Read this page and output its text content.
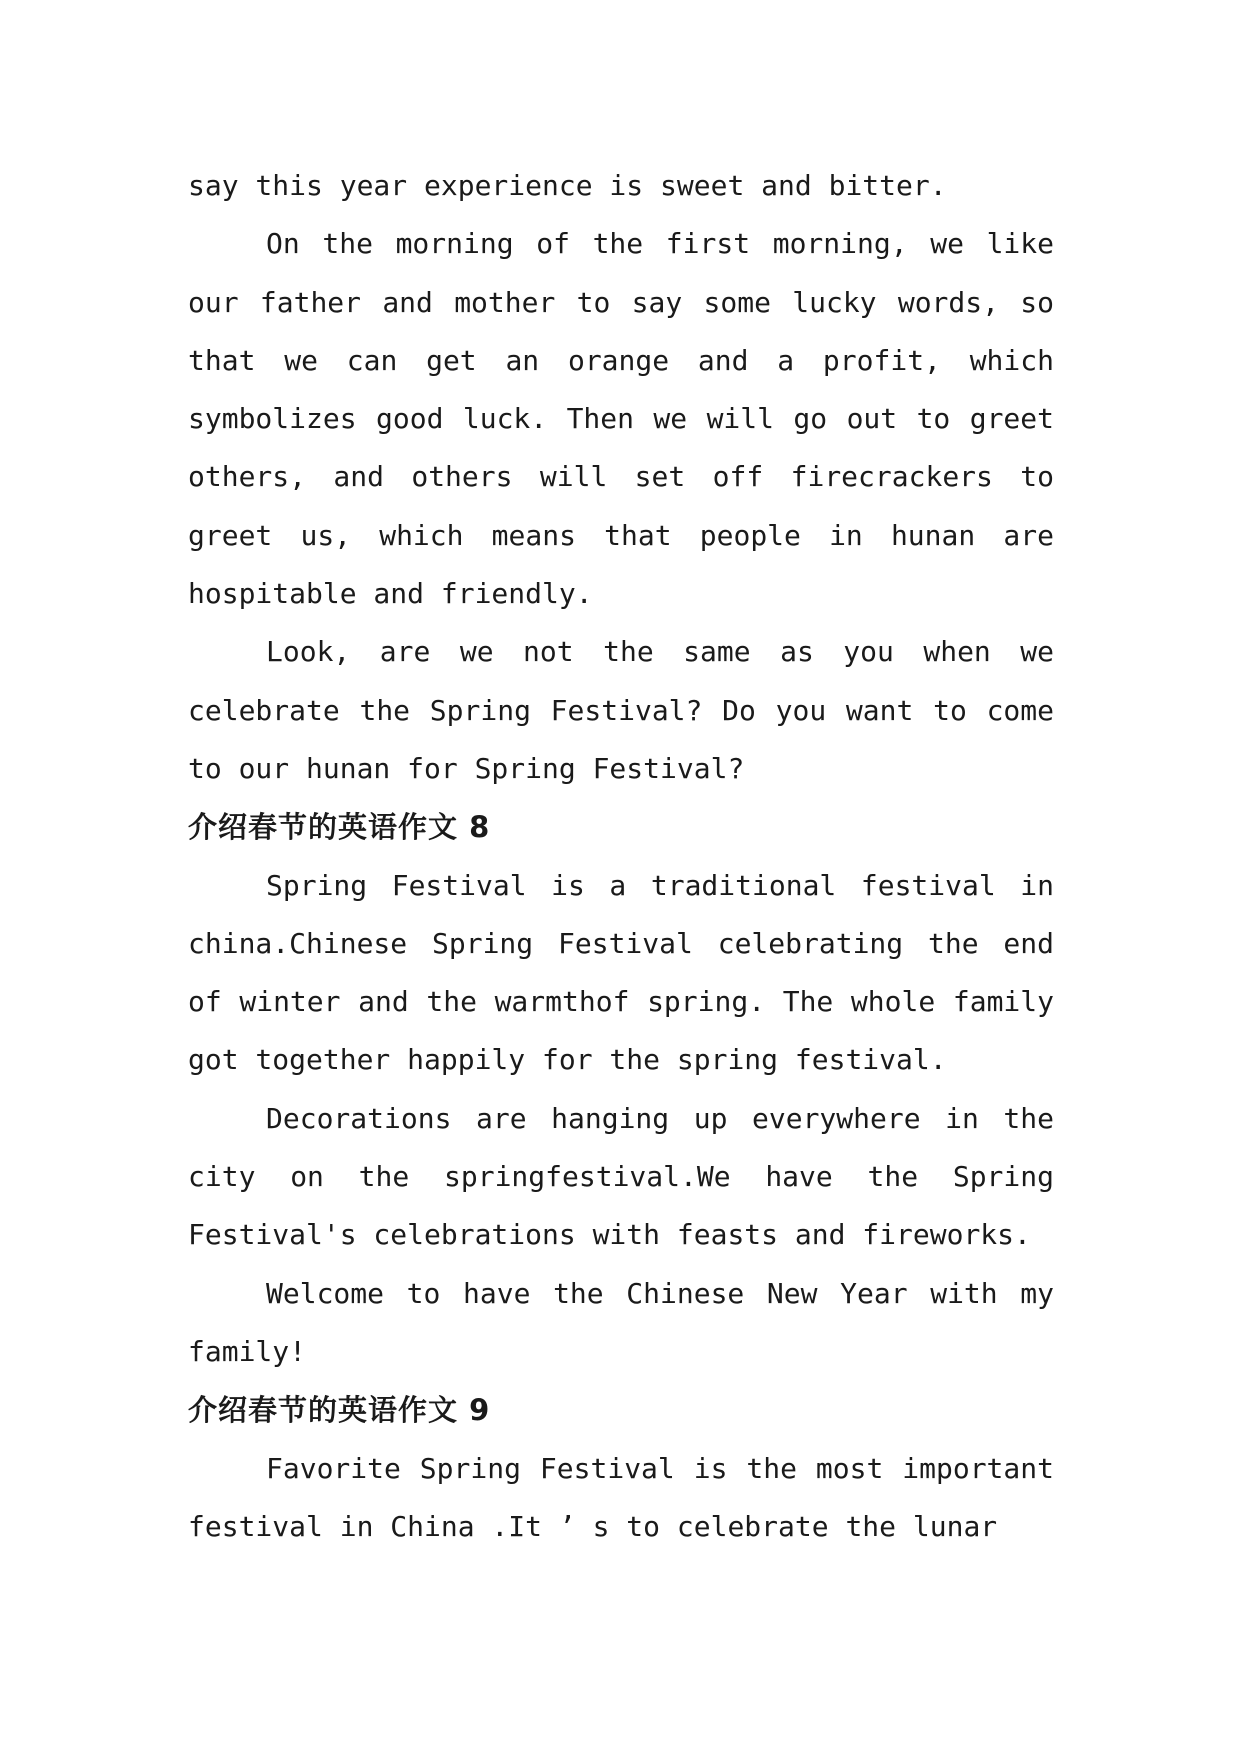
say this year experience is sweet and bitter.

On the morning of the first morning, we like our father and mother to say some lucky words, so that we can get an orange and a profit, which symbolizes good luck. Then we will go out to greet others, and others will set off firecrackers to greet us, which means that people in hunan are hospitable and friendly.

Look, are we not the same as you when we celebrate the Spring Festival? Do you want to come to our hunan for Spring Festival?

介绍春节的英语作文 8

Spring Festival is a traditional festival in china.Chinese Spring Festival celebrating the end of winter and the warmthof spring. The whole family got together happily for the spring festival.

Decorations are hanging up everywhere in the city on the springfestival.We have the Spring Festival's celebrations with feasts and fireworks.

Welcome to have the Chinese New Year with my family!

介绍春节的英语作文 9

Favorite Spring Festival is the most important festival in China .It ’ s to celebrate the lunar
